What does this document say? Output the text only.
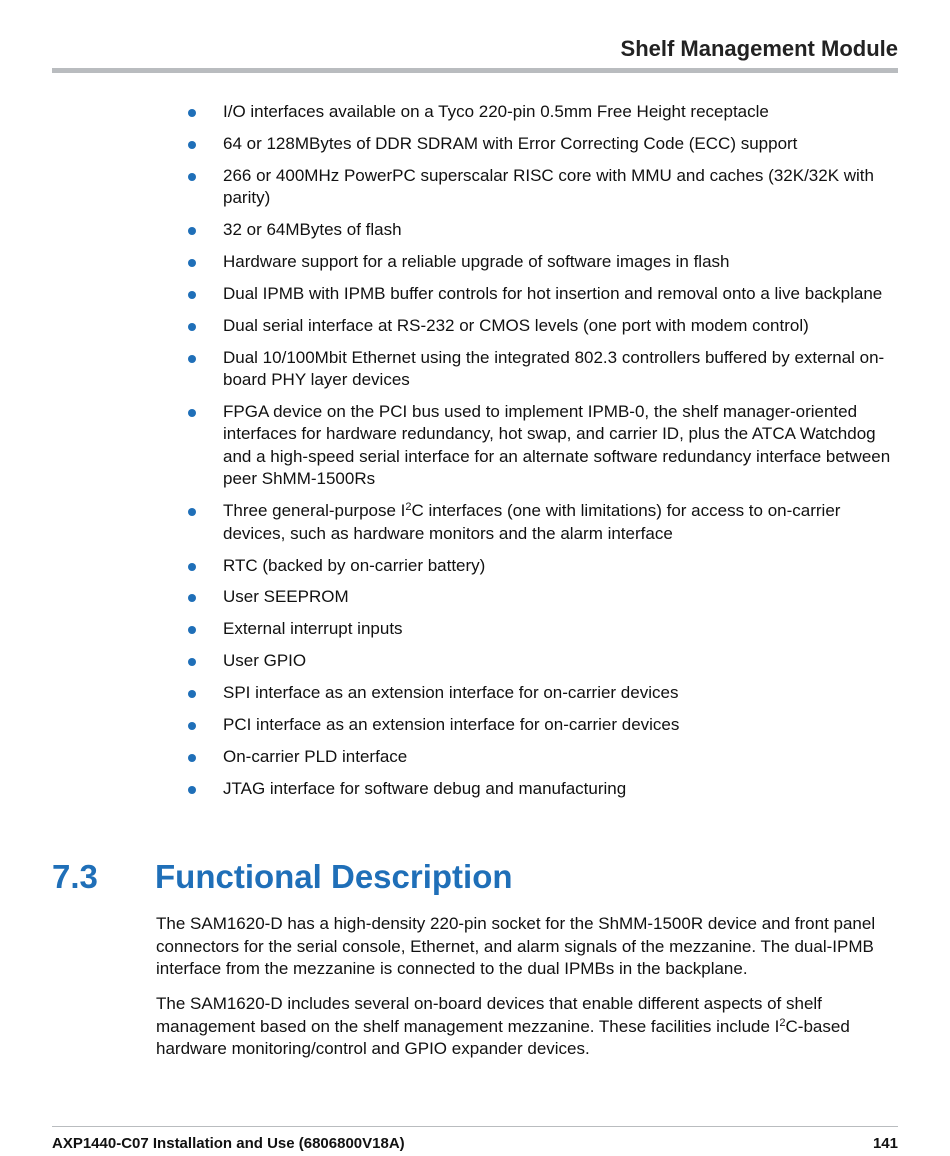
Shelf Management Module
I/O interfaces available on a Tyco 220-pin 0.5mm Free Height receptacle
64 or 128MBytes of DDR SDRAM with Error Correcting Code (ECC) support
266 or 400MHz PowerPC superscalar RISC core with MMU and caches (32K/32K with parity)
32 or 64MBytes of flash
Hardware support for a reliable upgrade of software images in flash
Dual IPMB with IPMB buffer controls for hot insertion and removal onto a live backplane
Dual serial interface at RS-232 or CMOS levels (one port with modem control)
Dual 10/100Mbit Ethernet using the integrated 802.3 controllers buffered by external on-board PHY layer devices
FPGA device on the PCI bus used to implement IPMB-0, the shelf manager-oriented interfaces for hardware redundancy, hot swap, and carrier ID, plus the ATCA Watchdog and a high-speed serial interface for an alternate software redundancy interface between peer ShMM-1500Rs
Three general-purpose $I^2C$ interfaces (one with limitations) for access to on-carrier devices, such as hardware monitors and the alarm interface
RTC (backed by on-carrier battery)
User SEEPROM
External interrupt inputs
User GPIO
SPI interface as an extension interface for on-carrier devices
PCI interface as an extension interface for on-carrier devices
On-carrier PLD interface
JTAG interface for software debug and manufacturing
7.3 Functional Description

The SAM1620-D has a high-density 220-pin socket for the ShMM-1500R device and front panel connectors for the serial console, Ethernet, and alarm signals of the mezzanine. The dual-IPMB interface from the mezzanine is connected to the dual IPMBs in the backplane.

The SAM1620-D includes several on-board devices that enable different aspects of shelf management based on the shelf management mezzanine. These facilities include $I^2C$-based hardware monitoring/control and GPIO expander devices.

AXP1440-C07 Installation and Use (6806800V18A)	141
